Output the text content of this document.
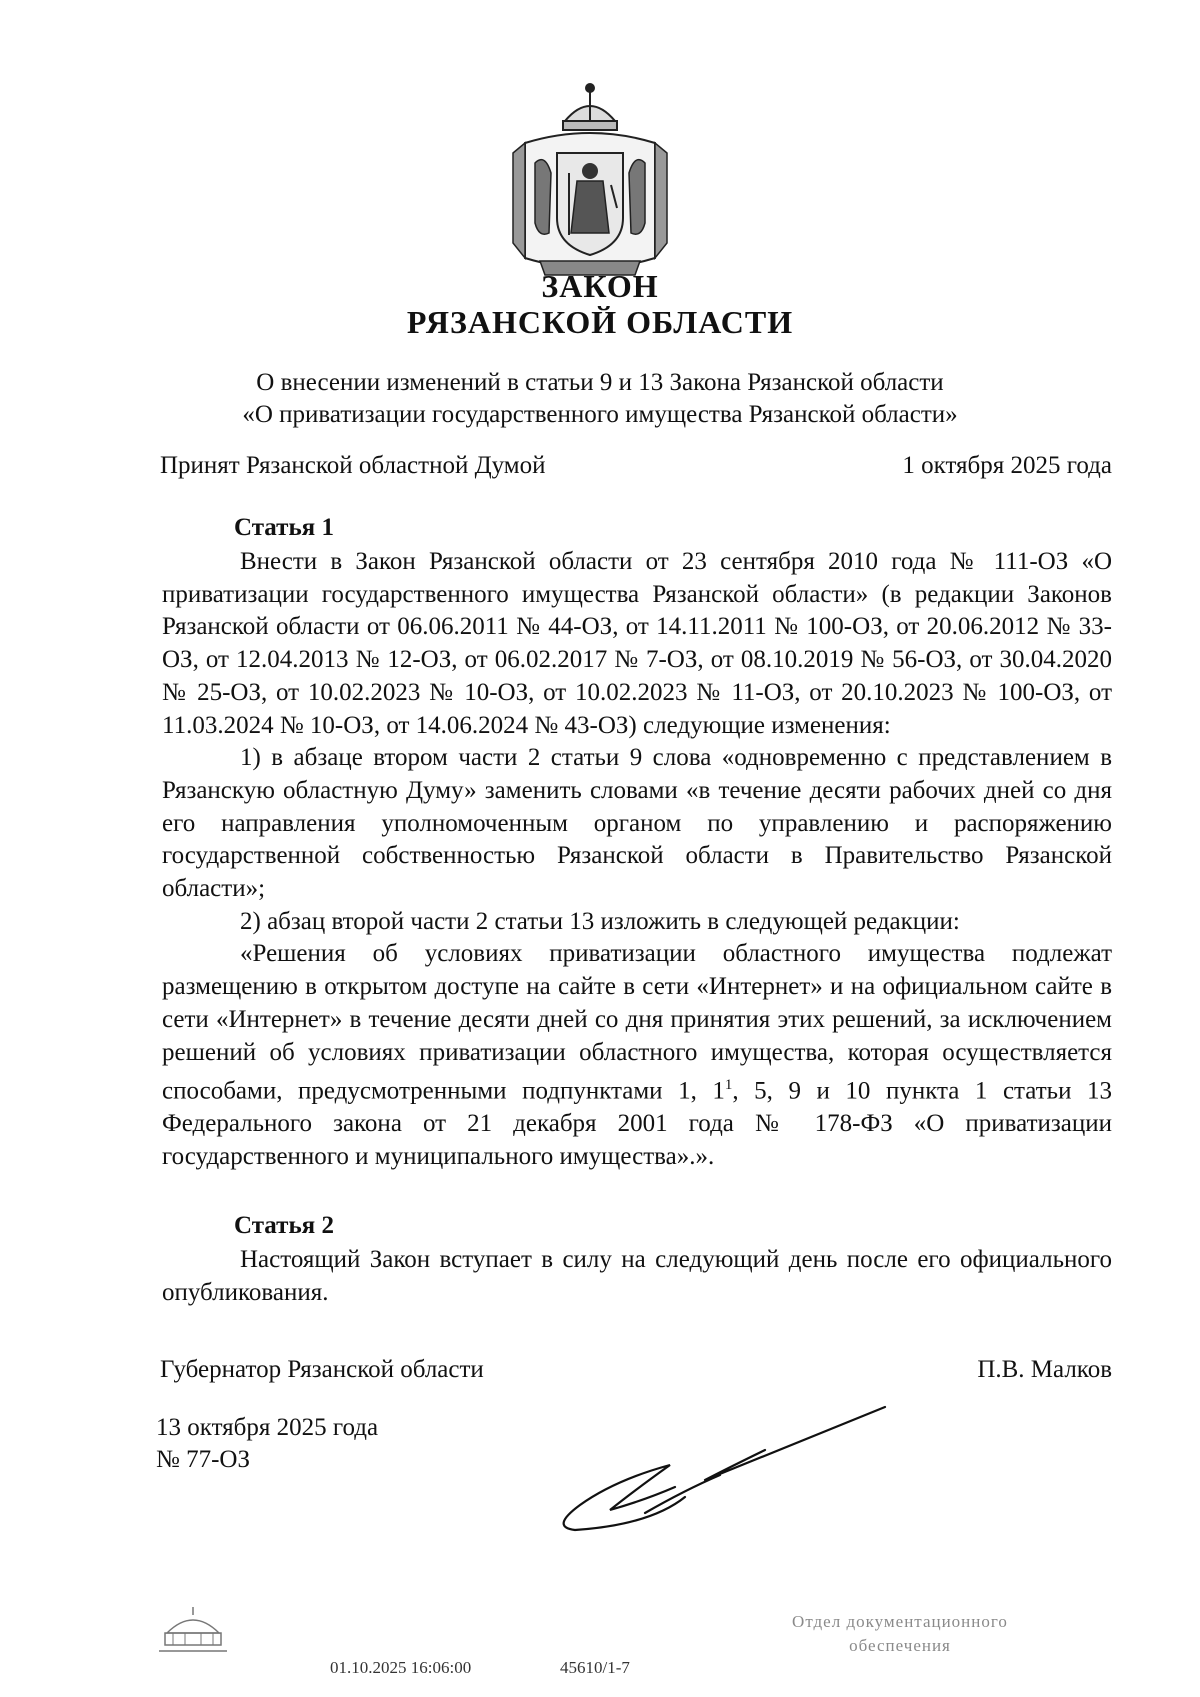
ЗАКОН
РЯЗАНСКОЙ ОБЛАСТИ
О внесении изменений в статьи 9 и 13 Закона Рязанской области
«О приватизации государственного имущества Рязанской области»
Принят Рязанской областной Думой	1 октября 2025 года
Статья 1

Внести в Закон Рязанской области от 23 сентября 2010 года № 111-ОЗ «О приватизации государственного имущества Рязанской области» (в редакции Законов Рязанской области от 06.06.2011 № 44-ОЗ, от 14.11.2011 № 100-ОЗ, от 20.06.2012 № 33-ОЗ, от 12.04.2013 № 12-ОЗ, от 06.02.2017 № 7-ОЗ, от 08.10.2019 № 56-ОЗ, от 30.04.2020 № 25-ОЗ, от 10.02.2023 № 10-ОЗ, от 10.02.2023 № 11-ОЗ, от 20.10.2023 № 100-ОЗ, от 11.03.2024 № 10-ОЗ, от 14.06.2024 № 43-ОЗ) следующие изменения:

1) в абзаце втором части 2 статьи 9 слова «одновременно с представлением в Рязанскую областную Думу» заменить словами «в течение десяти рабочих дней со дня его направления уполномоченным органом по управлению и распоряжению государственной собственностью Рязанской области в Правительство Рязанской области»;

2) абзац второй части 2 статьи 13 изложить в следующей редакции:

«Решения об условиях приватизации областного имущества подлежат размещению в открытом доступе на сайте в сети «Интернет» и на официальном сайте в сети «Интернет» в течение десяти дней со дня принятия этих решений, за исключением решений об условиях приватизации областного имущества, которая осуществляется способами, предусмотренными подпунктами 1, $1^1$, 5, 9 и 10 пункта 1 статьи 13 Федерального закона от 21 декабря 2001 года № 178-ФЗ «О приватизации государственного и муниципального имущества».».

Статья 2

Настоящий Закон вступает в силу на следующий день после его официального опубликования.

Губернатор Рязанской области	П.В. Малков
13 октября 2025 года
№ 77-ОЗ
01.10.2025 16:06:00	45610/1-7
Отдел документационного
обеспечения
